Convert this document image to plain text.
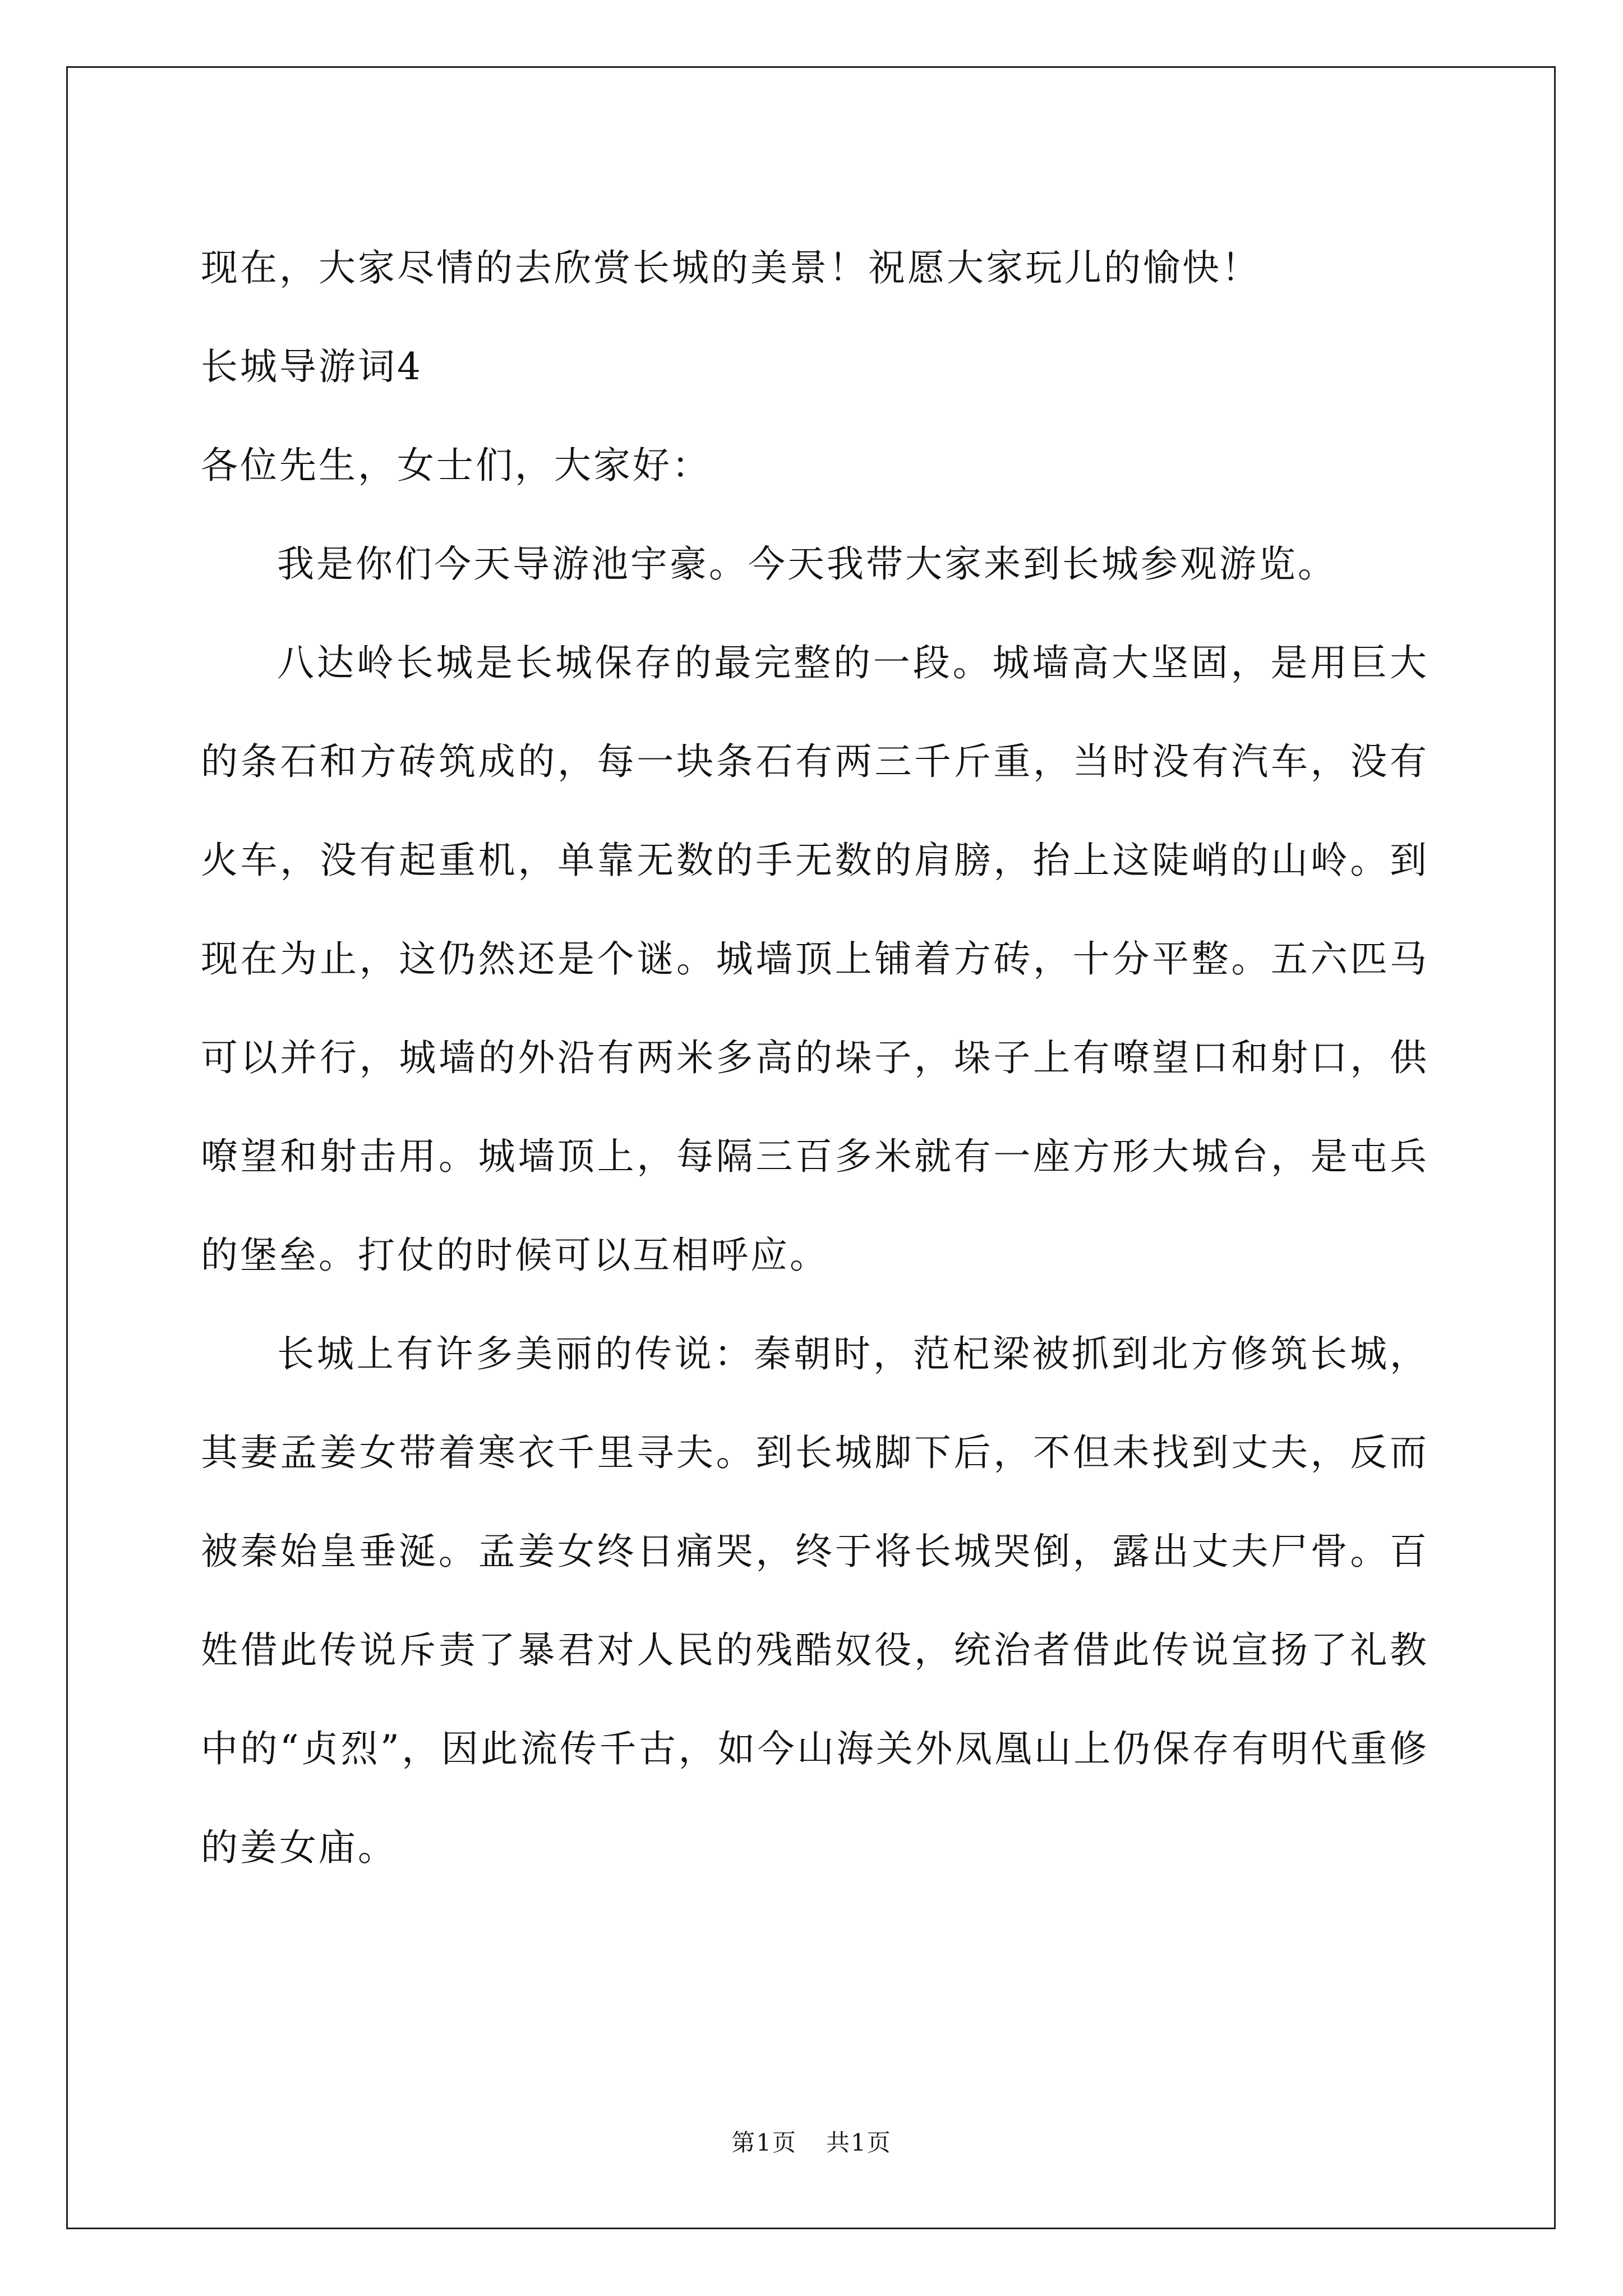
现在，大家尽情的去欣赏长城的美景！祝愿大家玩儿的愉快！

长城导游词4

各位先生，女士们，大家好：

我是你们今天导游池宇豪。今天我带大家来到长城参观游览。

八达岭长城是长城保存的最完整的一段。城墙高大坚固，是用巨大的条石和方砖筑成的，每一块条石有两三千斤重，当时没有汽车，没有火车，没有起重机，单靠无数的手无数的肩膀，抬上这陡峭的山岭。到现在为止，这仍然还是个谜。城墙顶上铺着方砖，十分平整。五六匹马可以并行，城墙的外沿有两米多高的垛子，垛子上有嘹望口和射口，供嘹望和射击用。城墙顶上，每隔三百多米就有一座方形大城台，是屯兵的堡垒。打仗的时候可以互相呼应。

长城上有许多美丽的传说：秦朝时，范杞梁被抓到北方修筑长城，其妻孟姜女带着寒衣千里寻夫。到长城脚下后，不但未找到丈夫，反而被秦始皇垂涎。孟姜女终日痛哭，终于将长城哭倒，露出丈夫尸骨。百姓借此传说斥责了暴君对人民的残酷奴役，统治者借此传说宣扬了礼教中的“贞烈”，因此流传千古，如今山海关外凤凰山上仍保存有明代重修的姜女庙。

第1页 共1页
